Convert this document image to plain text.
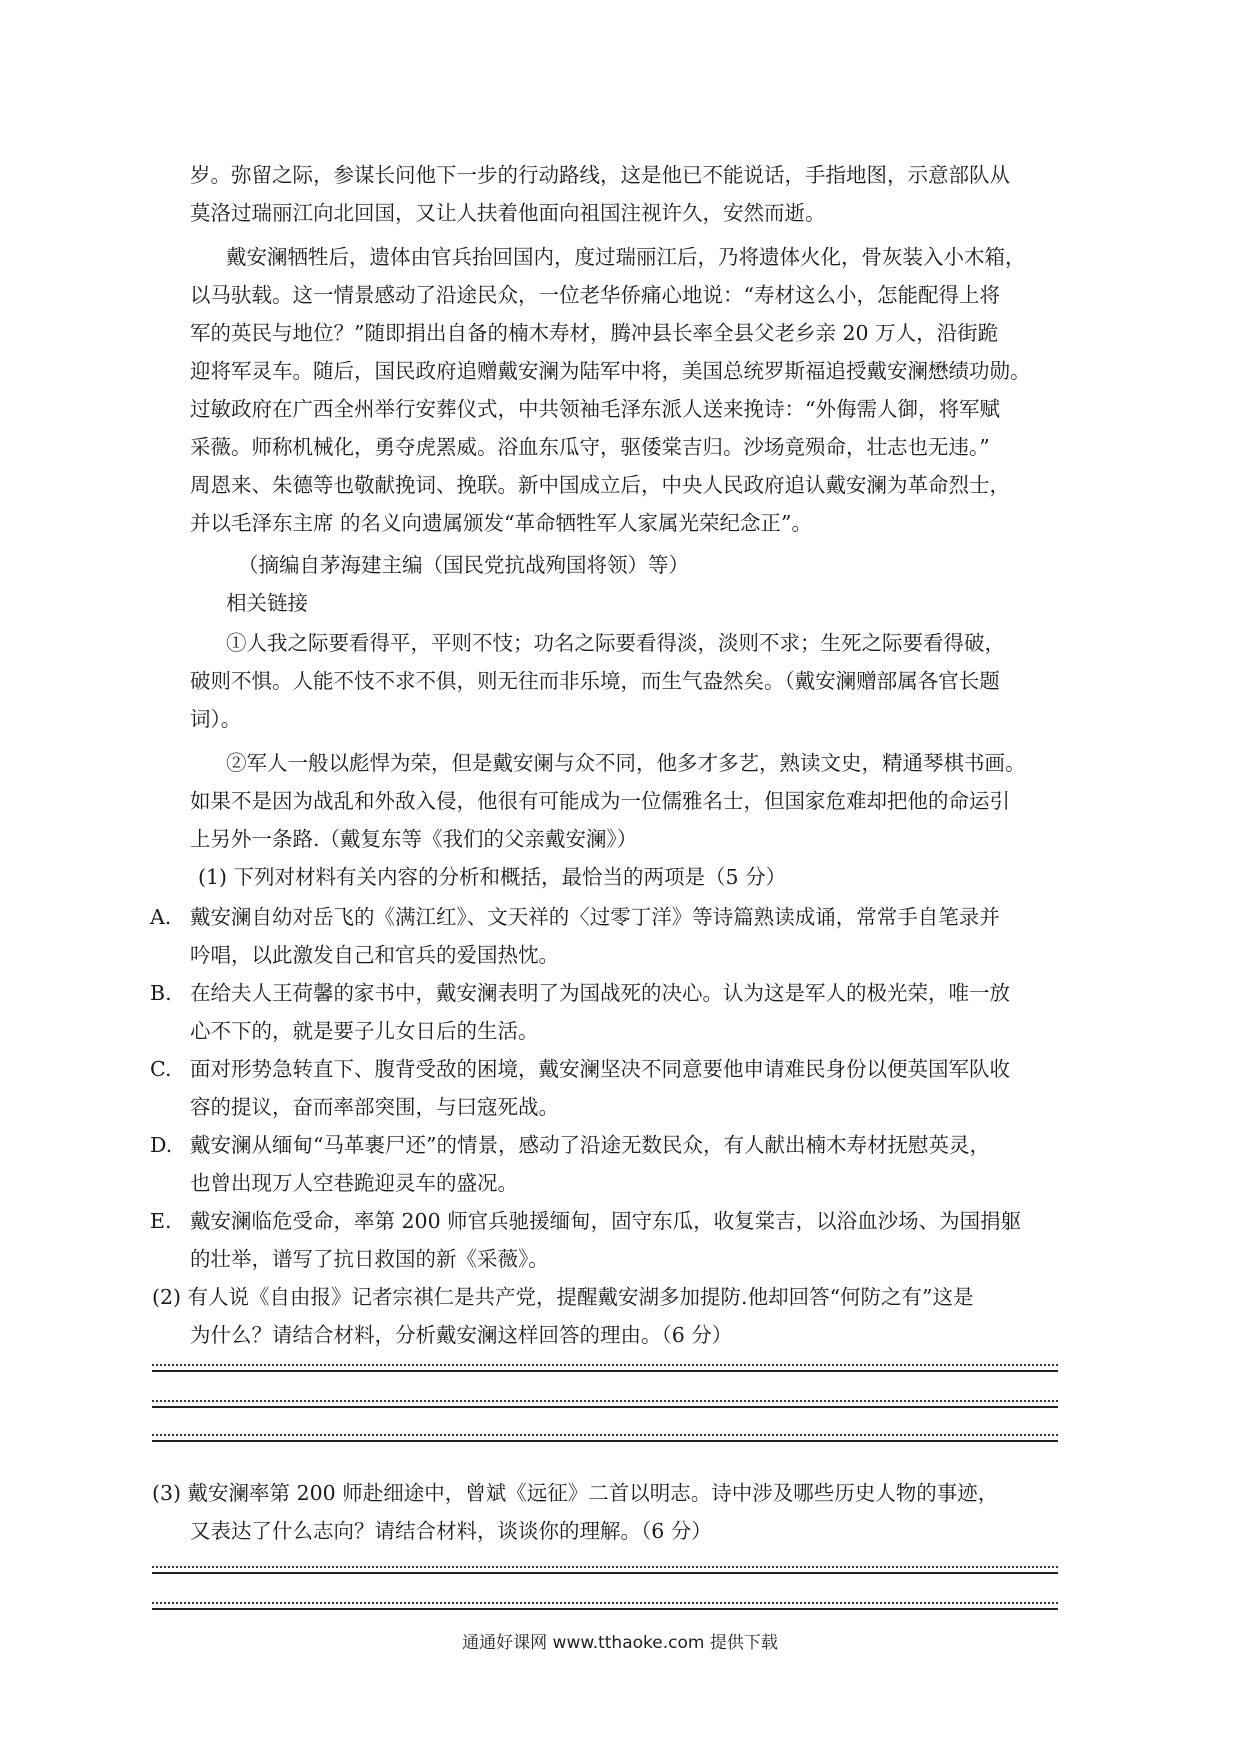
岁。弥留之际，参谋长问他下一步的行动路线，这是他已不能说话，手指地图，示意部队从
莫洛过瑞丽江向北回国，又让人扶着他面向祖国注视许久，安然而逝。
戴安澜牺牲后，遗体由官兵抬回国内，度过瑞丽江后，乃将遗体火化，骨灰装入小木箱，
以马驮载。这一情景感动了沿途民众，一位老华侨痛心地说：“寿材这么小，怎能配得上将
军的英民与地位？”随即捐出自备的楠木寿材，腾冲县长率全县父老乡亲 20 万人，沿街跪
迎将军灵车。随后，国民政府追赠戴安澜为陆军中将，美国总统罗斯福追授戴安澜懋绩功勋。
过敏政府在广西全州举行安葬仪式，中共领袖毛泽东派人送来挽诗：“外侮需人御，将军赋
采薇。师称机械化，勇夺虎罴威。浴血东瓜守，驱倭棠吉归。沙场竟殒命，壮志也无违。”
周恩来、朱德等也敬献挽词、挽联。新中国成立后，中央人民政府追认戴安澜为革命烈士，
并以毛泽东主席 的名义向遗属颁发“革命牺牲军人家属光荣纪念正”。
（摘编自茅海建主编（国民党抗战殉国将领）等）
相关链接
①人我之际要看得平，平则不忮；功名之际要看得淡，淡则不求；生死之际要看得破，
破则不惧。人能不忮不求不俱，则无往而非乐境，而生气盎然矣。（戴安澜赠部属各官长题
词）。
②军人一般以彪悍为荣，但是戴安阑与众不同，他多才多艺，熟读文史，精通琴棋书画。
如果不是因为战乱和外敌入侵，他很有可能成为一位儒雅名士，但国家危难却把他的命运引
上另外一条路.（戴复东等《我们的父亲戴安澜》）
(1) 下列对材料有关内容的分析和概括，最恰当的两项是（5 分）
A. 戴安澜自幼对岳飞的《满江红》、文天祥的〈过零丁洋》等诗篇熟读成诵，常常手自笔录并
吟唱，以此激发自己和官兵的爱国热忱。
B. 在给夫人王荷馨的家书中，戴安澜表明了为国战死的决心。认为这是军人的极光荣，唯一放
心不下的，就是要子儿女日后的生活。
C. 面对形势急转直下、腹背受敌的困境，戴安澜坚决不同意要他申请难民身份以便英国军队收
容的提议，奋而率部突围，与曰寇死战。
D. 戴安澜从缅甸“马革裹尸还”的情景，感动了沿途无数民众，有人献出楠木寿材抚慰英灵，
也曾出现万人空巷跪迎灵车的盛况。
E. 戴安澜临危受命，率第 200 师官兵驰援缅甸，固守东瓜，收复棠吉，以浴血沙场、为国捐躯
的壮举，谱写了抗日救国的新《采薇》。
(2) 有人说《自由报》记者宗祺仁是共产党，提醒戴安湖多加提防.他却回答“何防之有”这是
为什么？请结合材料，分析戴安澜这样回答的理由。（6 分）
(3) 戴安澜率第 200 师赴细途中，曾斌《远征》二首以明志。诗中涉及哪些历史人物的事迹，
又表达了什么志向？请结合材料，谈谈你的理解。（6 分）
通通好课网 www.tthaoke.com 提供下载
